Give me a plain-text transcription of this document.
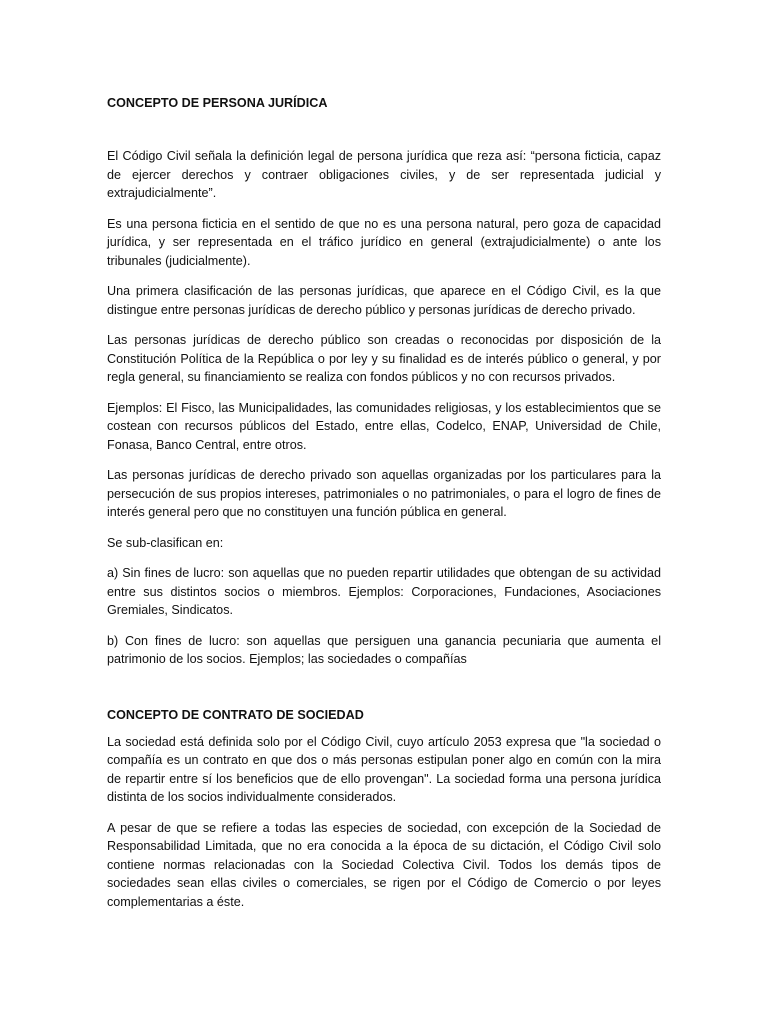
CONCEPTO DE PERSONA JURÍDICA

El Código Civil señala la definición legal de persona jurídica que reza así: “persona ficticia, capaz de ejercer derechos y contraer obligaciones civiles, y de ser representada judicial y extrajudicialmente”.

Es una persona ficticia en el sentido de que no es una persona natural, pero goza de capacidad jurídica, y ser representada en el tráfico jurídico en general (extrajudicialmente) o ante los tribunales (judicialmente).

Una primera clasificación de las personas jurídicas, que aparece en el Código Civil, es la que distingue entre personas jurídicas de derecho público y personas jurídicas de derecho privado.

Las personas jurídicas de derecho público son creadas o reconocidas por disposición de la Constitución Política de la República o por ley y su finalidad es de interés público o general, y por regla general, su financiamiento se realiza con fondos públicos y no con recursos privados.

Ejemplos: El Fisco, las Municipalidades, las comunidades religiosas, y los establecimientos que se costean con recursos públicos del Estado, entre ellas, Codelco, ENAP, Universidad de Chile, Fonasa, Banco Central, entre otros.

Las personas jurídicas de derecho privado son aquellas organizadas por los particulares para la persecución de sus propios intereses, patrimoniales o no patrimoniales, o para el logro de fines de interés general pero que no constituyen una función pública en general.

Se sub-clasifican en:

a) Sin fines de lucro: son aquellas que no pueden repartir utilidades que obtengan de su actividad entre sus distintos socios o miembros. Ejemplos: Corporaciones, Fundaciones, Asociaciones Gremiales, Sindicatos.

b) Con fines de lucro: son aquellas que persiguen una ganancia pecuniaria que aumenta el patrimonio de los socios. Ejemplos; las sociedades o compañías

CONCEPTO DE CONTRATO DE SOCIEDAD

La sociedad está definida solo por el Código Civil, cuyo artículo 2053 expresa que "la sociedad o compañía es un contrato en que dos o más personas estipulan poner algo en común con la mira de repartir entre sí los beneficios que de ello provengan". La sociedad forma una persona jurídica distinta de los socios individualmente considerados.

A pesar de que se refiere a todas las especies de sociedad, con excepción de la Sociedad de Responsabilidad Limitada, que no era conocida a la época de su dictación, el Código Civil solo contiene normas relacionadas con la Sociedad Colectiva Civil. Todos los demás tipos de sociedades sean ellas civiles o comerciales, se rigen por el Código de Comercio o por leyes complementarias a éste.
